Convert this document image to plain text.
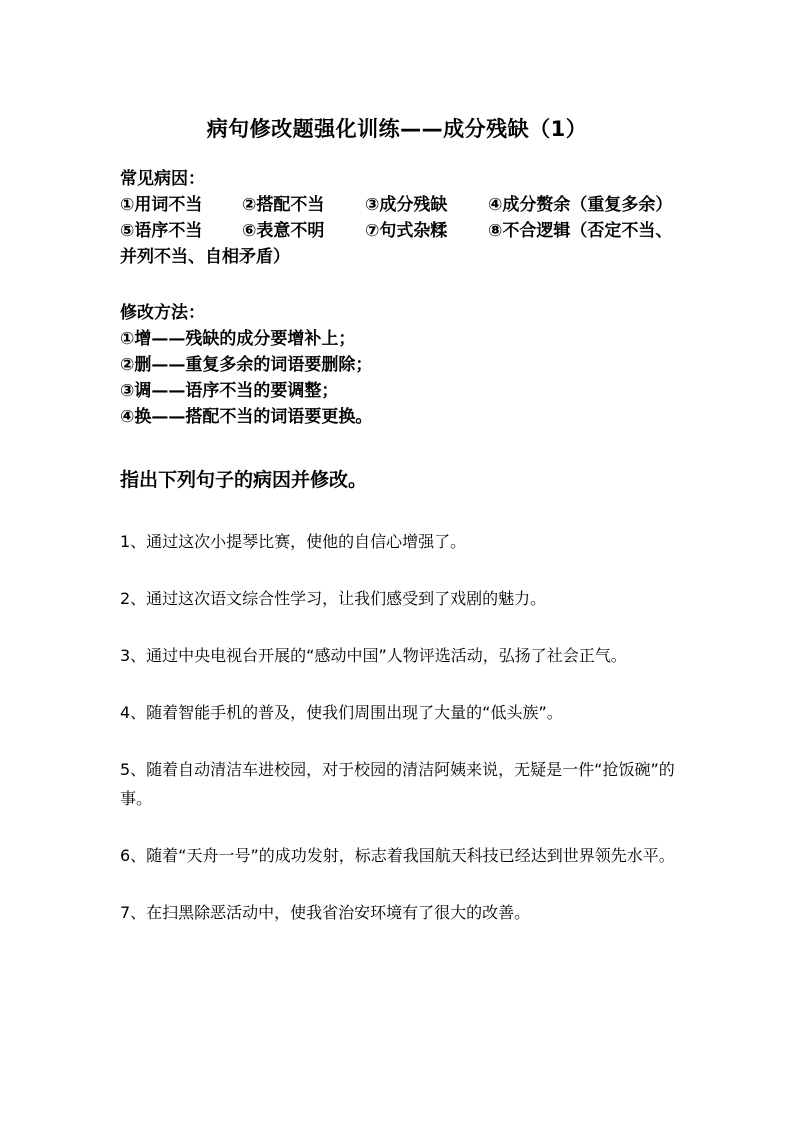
病句修改题强化训练——成分残缺（1）
常见病因：
①用词不当 ②搭配不当 ③成分残缺 ④成分赘余（重复多余）
⑤语序不当 ⑥表意不明 ⑦句式杂糅 ⑧不合逻辑（否定不当、
并列不当、自相矛盾）
修改方法：
①增——残缺的成分要增补上；
②删——重复多余的词语要删除；
③调——语序不当的要调整；
④换——搭配不当的词语要更换。
指出下列句子的病因并修改。

1、通过这次小提琴比赛，使他的自信心增强了。

2、通过这次语文综合性学习，让我们感受到了戏剧的魅力。

3、通过中央电视台开展的“感动中国”人物评选活动，弘扬了社会正气。

4、随着智能手机的普及，使我们周围出现了大量的“低头族”。

5、随着自动清洁车进校园，对于校园的清洁阿姨来说，无疑是一件“抢饭碗”的事。

6、随着“天舟一号”的成功发射，标志着我国航天科技已经达到世界领先水平。

7、在扫黑除恶活动中，使我省治安环境有了很大的改善。
